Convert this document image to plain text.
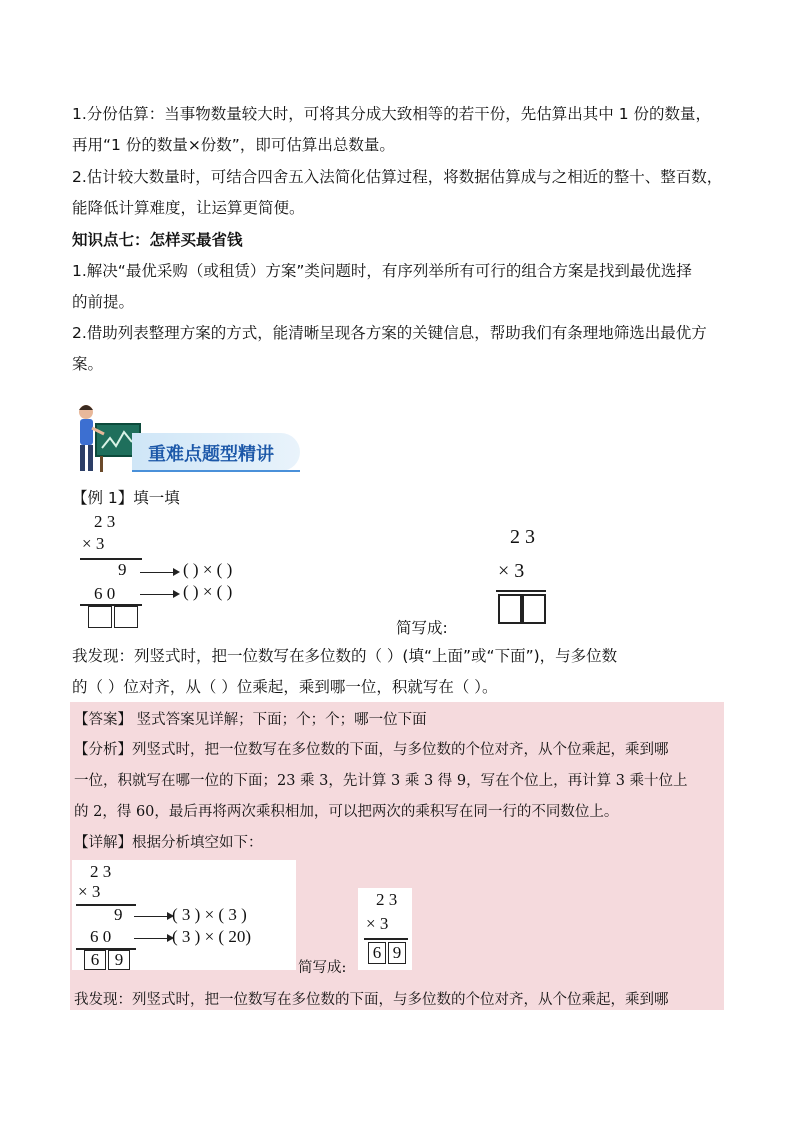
1.分份估算：当事物数量较大时，可将其分成大致相等的若干份，先估算出其中 1 份的数量，
再用“1 份的数量×份数”，即可估算出总数量。
2.估计较大数量时，可结合四舍五入法简化估算过程，将数据估算成与之相近的整十、整百数，
能降低计算难度，让运算更简便。
知识点七：怎样买最省钱
1.解决“最优采购（或租赁）方案”类问题时，有序列举所有可行的组合方案是找到最优选择
的前提。
2.借助列表整理方案的方式，能清晰呈现各方案的关键信息，帮助我们有条理地筛选出最优方
案。
重难点题型精讲
【例 1】填一填
2 3
× 3
9	( ) × ( )
6 0	( ) × ( )
2 3
× 3
简写成:
我发现：列竖式时，把一位数写在多位数的（ ）(填“上面”或“下面”)，与多位数
的（ ）位对齐，从（ ）位乘起，乘到哪一位，积就写在（ ）。
【答案】 竖式答案见详解；下面；个；个；哪一位下面
【分析】列竖式时，把一位数写在多位数的下面，与多位数的个位对齐，从个位乘起，乘到哪
一位，积就写在哪一位的下面；23 乘 3，先计算 3 乘 3 得 9，写在个位上，再计算 3 乘十位上
的 2，得 60，最后再将两次乘积相加，可以把两次的乘积写在同一行的不同数位上。
【详解】根据分析填空如下：
2 3
× 3
9	( 3 ) × ( 3 )
6 0	( 3 ) × ( 20)
6 9	简写成:
2 3
× 3
6 9
我发现：列竖式时，把一位数写在多位数的下面，与多位数的个位对齐，从个位乘起，乘到哪
